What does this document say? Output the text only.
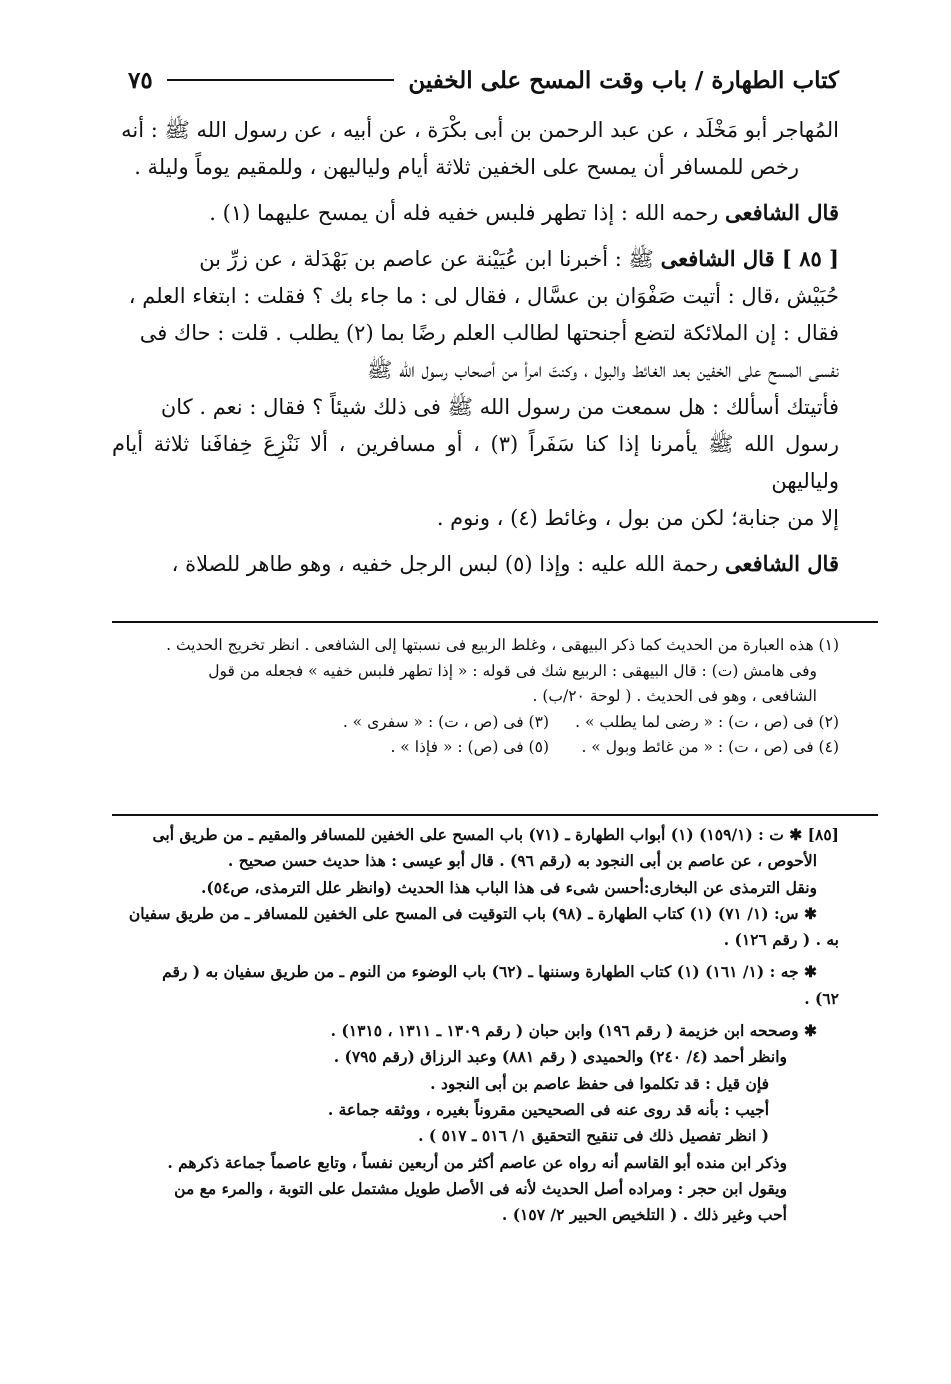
كتاب الطهارة / باب وقت المسح على الخفين
٧٥

المُهاجر أبو مَخْلَد ، عن عبد الرحمن بن أبى بكْرَة ، عن أبيه ، عن رسول الله ﷺ : أنه
رخص للمسافر أن يمسح على الخفين ثلاثة أيام ولياليهن ، وللمقيم يوماً وليلة .

قال الشافعى رحمه الله : إذا تطهر فلبس خفيه فله أن يمسح عليهما (١) .

[ ٨٥ ] قال الشافعى ﷺ : أخبرنا ابن عُيَيْنة عن عاصم بن بَهْدَلة ، عن زرِّ بن
حُبَيْش ،قال : أتيت صَفْوَان بن عسَّال ، فقال لى : ما جاء بك ؟ فقلت : ابتغاء العلم ،
فقال : إن الملائكة لتضع أجنحتها لطالب العلم رضًا بما (٢) يطلب . قلت : حاك فى
نفسى المسح على الخفين بعد الغائط والبول ، وكنتَ امرأ من أصحاب رسول الله ﷺ
فأتيتك أسألك : هل سمعت من رسول الله ﷺ فى ذلك شيئاً ؟ فقال : نعم . كان
رسول الله ﷺ يأمرنا إذا كنا سَفَراً (٣) ، أو مسافرين ، ألا نَنْزِعَ خِفافَنا ثلاثة أيام ولياليهن
إلا من جنابة؛ لكن من بول ، وغائط (٤) ، ونوم .

قال الشافعى رحمة الله عليه : وإذا (٥) لبس الرجل خفيه ، وهو طاهر للصلاة ،

(١) هذه العبارة من الحديث كما ذكر البيهقى ، وغلط الربيع فى نسبتها إلى الشافعى . انظر تخريج الحديث .

وفى هامش (ت) : قال البيهقى : الربيع شك فى قوله : « إذا تطهر فلبس خفيه » فجعله من قول

الشافعى ، وهو فى الحديث . ( لوحة ٢٠/ب) .

(٢) فى (ص ، ت) : « رضى لما يطلب » .
(٣) فى (ص ، ت) : « سفرى » .

(٤) فى (ص ، ت) : « من غائط وبول » .
(٥) فى (ص) : « فإذا » .

[٨٥] ✱ ت : (١٥٩/١) (١) أبواب الطهارة ـ (٧١) باب المسح على الخفين للمسافر والمقيم ـ من طريق أبى

الأحوص ، عن عاصم بن أبى النجود به (رقم ٩٦) . قال أبو عيسى : هذا حديث حسن صحيح .

ونقل الترمذى عن البخارى:أحسن شىء فى هذا الباب هذا الحديث (وانظر علل الترمذى، ص٥٤).

✱ س: (١/ ٧١) (١) كتاب الطهارة ـ (٩٨) باب التوقيت فى المسح على الخفين للمسافر ـ من طريق سفيان

به . ( رقم ١٢٦) .

✱ جه : (١/ ١٦١) (١) كتاب الطهارة وسننها ـ (٦٢) باب الوضوء من النوم ـ من طريق سفيان به ( رقم

٦٢) .

✱ وصححه ابن خزيمة ( رقم ١٩٦) وابن حبان ( رقم ١٣٠٩ ـ ١٣١١ ، ١٣١٥) .

وانظر أحمد (٤/ ٢٤٠) والحميدى ( رقم ٨٨١) وعبد الرزاق (رقم ٧٩٥) .

فإن قيل : قد تكلموا فى حفظ عاصم بن أبى النجود .

أجيب : بأنه قد روى عنه فى الصحيحين مقروناً بغيره ، ووثقه جماعة .

( انظر تفصيل ذلك فى تنقيح التحقيق ١/ ٥١٦ ـ ٥١٧ ) .

وذكر ابن منده أبو القاسم أنه رواه عن عاصم أكثر من أربعين نفساً ، وتابع عاصماً جماعة ذكرهم .

ويقول ابن حجر : ومراده أصل الحديث لأنه فى الأصل طويل مشتمل على التوبة ، والمرء مع من

أحب وغير ذلك . ( التلخيص الحبير ٢/ ١٥٧) .
